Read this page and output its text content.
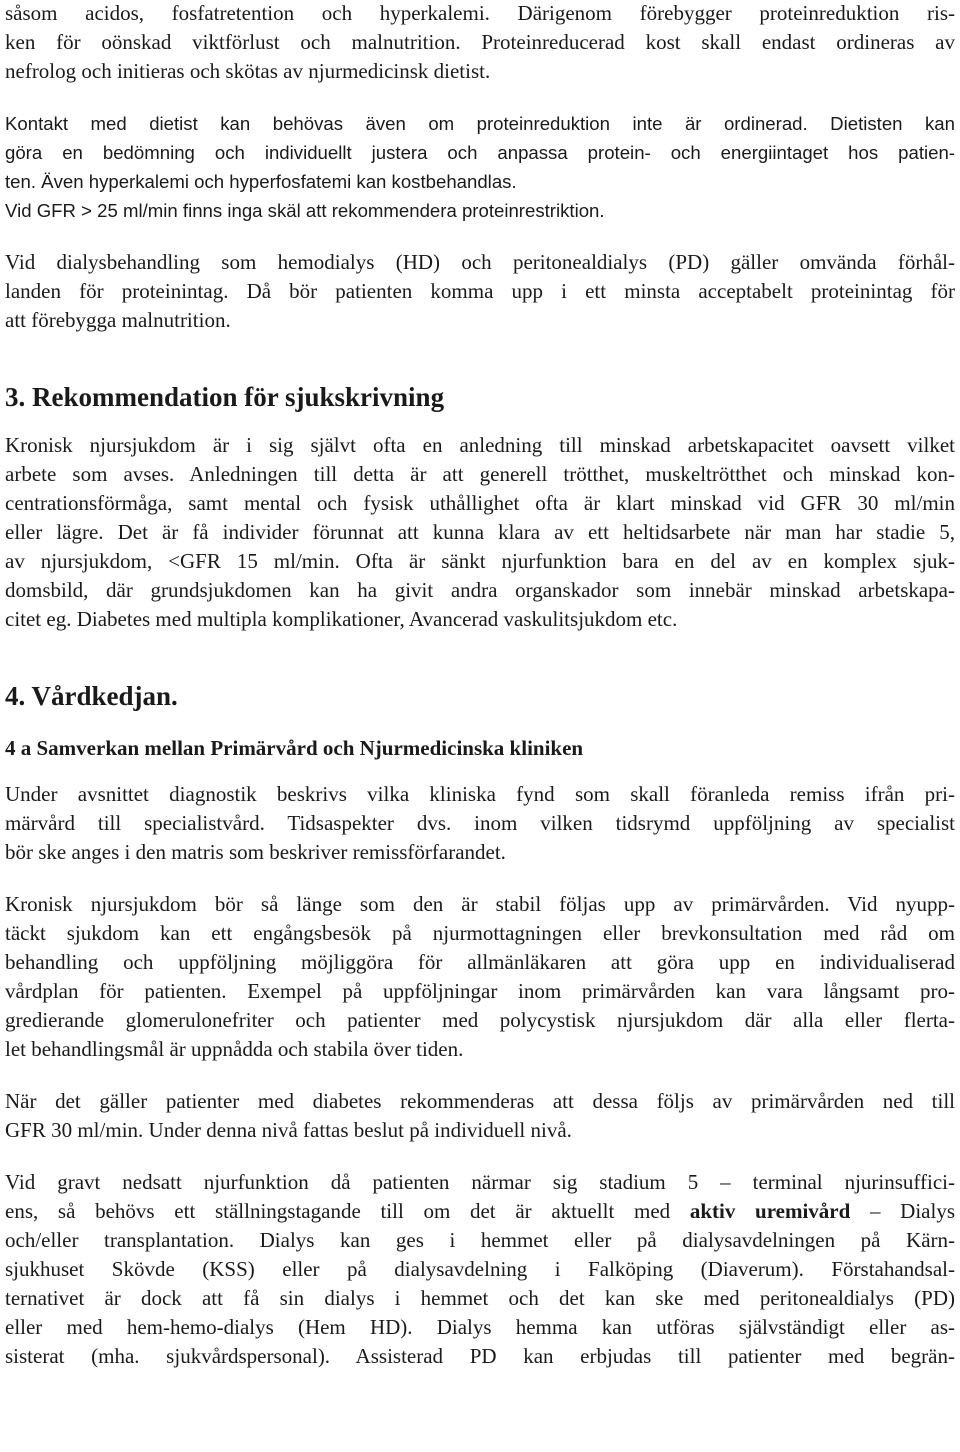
såsom acidos, fosfatretention och hyperkalemi. Därigenom förebygger proteinreduktion ris-
ken för oönskad viktförlust och malnutrition. Proteinreducerad kost skall endast ordineras av
nefrolog och initieras och skötas av njurmedicinsk dietist.
Kontakt med dietist kan behövas även om proteinreduktion inte är ordinerad. Dietisten kan
göra en bedömning och individuellt justera och anpassa protein- och energiintaget hos patien-
ten. Även hyperkalemi och hyperfosfatemi kan kostbehandlas.
Vid GFR > 25 ml/min finns inga skäl att rekommendera proteinrestriktion.
Vid dialysbehandling som hemodialys (HD) och peritonealdialys (PD) gäller omvända förhål-
landen för proteinintag. Då bör patienten komma upp i ett minsta acceptabelt proteinintag för
att förebygga malnutrition.
3. Rekommendation för sjukskrivning
Kronisk njursjukdom är i sig självt ofta en anledning till minskad arbetskapacitet oavsett vilket
arbete som avses. Anledningen till detta är att generell trötthet, muskeltrötthet och minskad kon-
centrationsförmåga, samt mental och fysisk uthållighet ofta är klart minskad vid GFR 30 ml/min
eller lägre. Det är få individer förunnat att kunna klara av ett heltidsarbete när man har stadie 5,
av njursjukdom, <GFR 15 ml/min. Ofta är sänkt njurfunktion bara en del av en komplex sjuk-
domsbild, där grundsjukdomen kan ha givit andra organskador som innebär minskad arbetskapa-
citet eg. Diabetes med multipla komplikationer, Avancerad vaskulitsjukdom etc.
4. Vårdkedjan.
4 a Samverkan mellan Primärvård och Njurmedicinska kliniken
Under avsnittet diagnostik beskrivs vilka kliniska fynd som skall föranleda remiss ifrån pri-
märvård till specialistvård. Tidsaspekter dvs. inom vilken tidsrymd uppföljning av specialist
bör ske anges i den matris som beskriver remissförfarandet.
Kronisk njursjukdom bör så länge som den är stabil följas upp av primärvården. Vid nyupp-
täckt sjukdom kan ett engångsbesök på njurmottagningen eller brevkonsultation med råd om
behandling och uppföljning möjliggöra för allmänläkaren att göra upp en individualiserad
vårdplan för patienten. Exempel på uppföljningar inom primärvården kan vara långsamt pro-
gredierande glomerulonefriter och patienter med polycystisk njursjukdom där alla eller flerta-
let behandlingsmål är uppnådda och stabila över tiden.
När det gäller patienter med diabetes rekommenderas att dessa följs av primärvården ned till
GFR 30 ml/min. Under denna nivå fattas beslut på individuell nivå.
Vid gravt nedsatt njurfunktion då patienten närmar sig stadium 5 – terminal njurinsuffici-
ens, så behövs ett ställningstagande till om det är aktuellt med aktiv uremivård – Dialys
och/eller transplantation. Dialys kan ges i hemmet eller på dialysavdelningen på Kärn-
sjukhuset Skövde (KSS) eller på dialysavdelning i Falköping (Diaverum). Förstahandsal-
ternativet är dock att få sin dialys i hemmet och det kan ske med peritonealdialys (PD)
eller med hem-hemo-dialys (Hem HD). Dialys hemma kan utföras självständigt eller as-
sisterat (mha. sjukvårdspersonal). Assisterad PD kan erbjudas till patienter med begrän-
